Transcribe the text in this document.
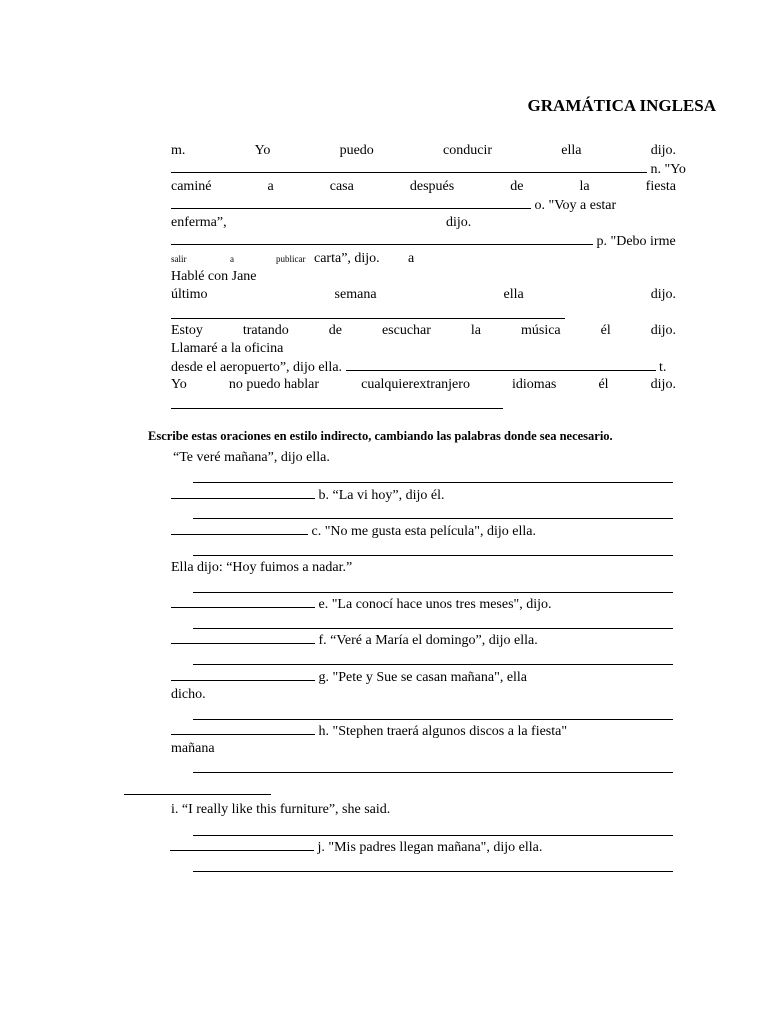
GRAMÁTICA INGLESA
m.	Yo	puedo	conducir	ella	dijo.
n. "Yo
caminé	a	casa	después	de	la	fiesta
o. "Voy a estar
enferma”,	dijo.
p. "Debo irme
salir	a	publicar carta”, dijo. a
Hablé con Jane
último	semana	ella	dijo.
Estoy	tratando	de	escuchar	la	música	él	dijo.
Llamaré a la oficina
desde el aeropuerto”, dijo ella.	t.
Yo	no puedo hablar	cualquierextranjero	idiomas	él	dijo.
Escribe estas oraciones en estilo indirecto, cambiando las palabras donde sea necesario.
“Te veré mañana”, dijo ella.
b. “La vi hoy”, dijo él.
c. "No me gusta esta película", dijo ella.
Ella dijo: “Hoy fuimos a nadar.”
e. "La conocí hace unos tres meses", dijo.
f. “Veré a María el domingo”, dijo ella.
g. "Pete y Sue se casan mañana", ella
dicho.
h. "Stephen traerá algunos discos a la fiesta"
mañana
i. “I really like this furniture”, she said.
j. "Mis padres llegan mañana", dijo ella.
